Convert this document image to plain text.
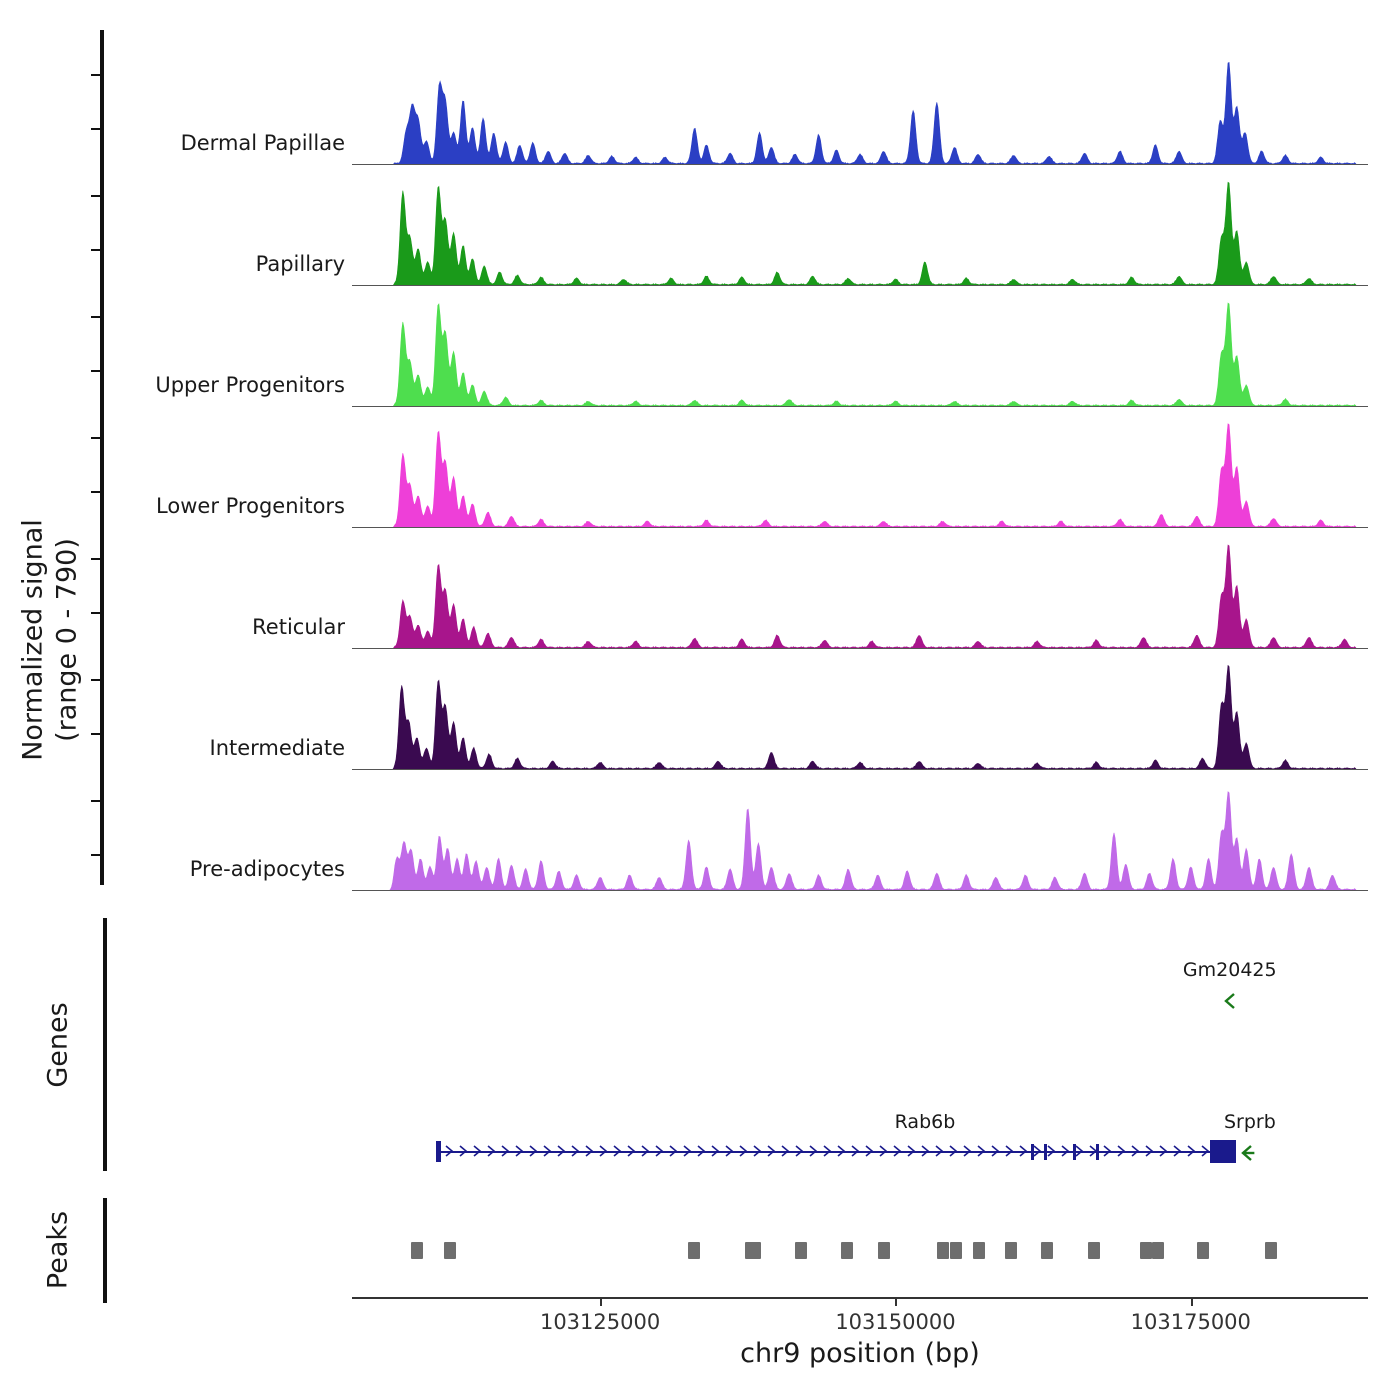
Normalized signal (range 0 - 790)
Genes
Peaks
Dermal Papillae
Papillary
Upper Progenitors
Lower Progenitors
Reticular
Intermediate
Pre-adipocytes
Gm20425
Rab6b	Srprb
103125000	103150000	103175000
chr9 position (bp)
